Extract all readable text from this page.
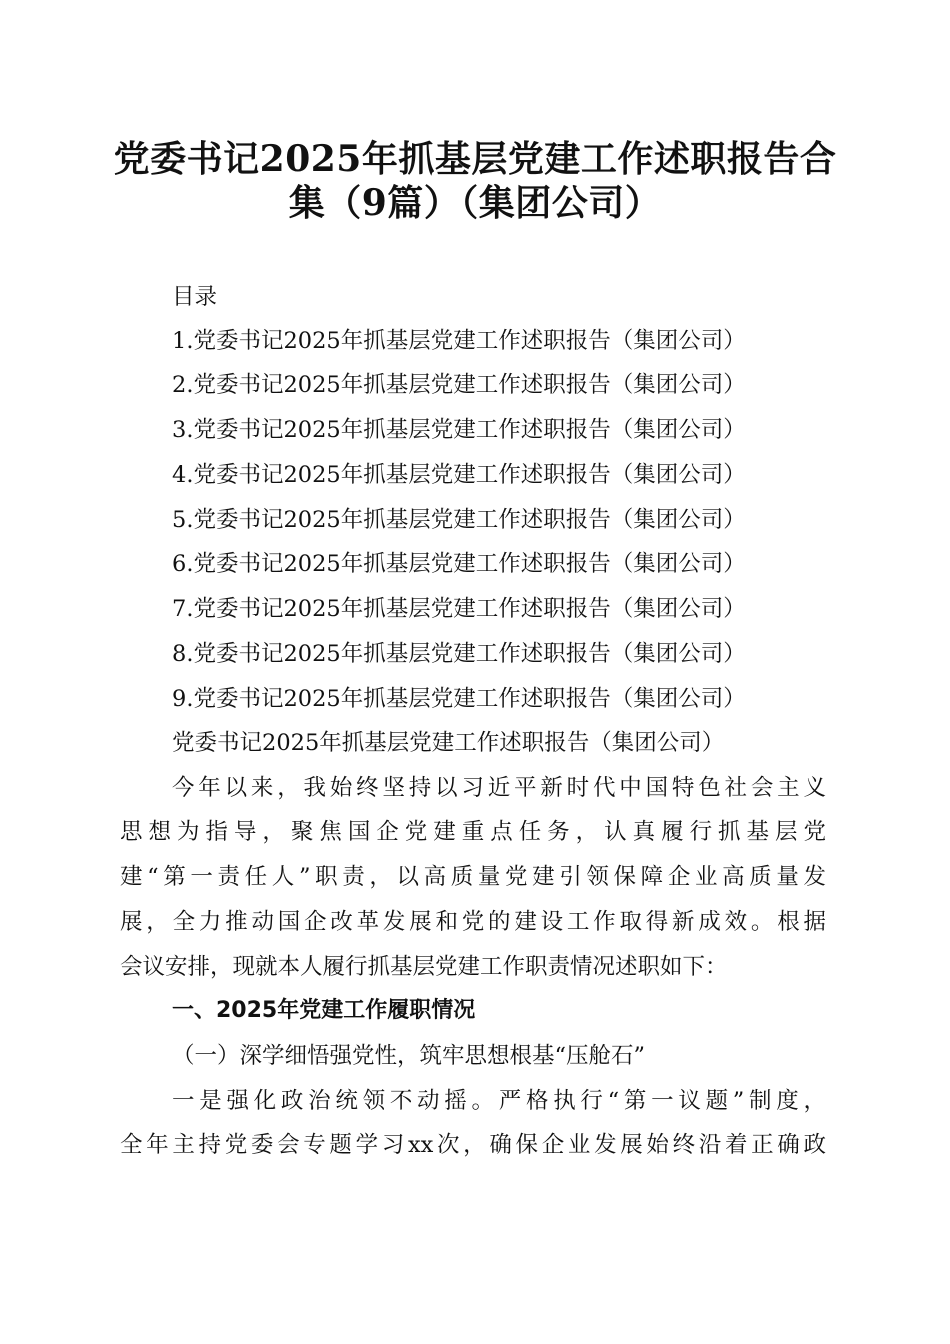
党委书记2025年抓基层党建工作述职报告合
集（9篇）（集团公司）
目录
1.党委书记2025年抓基层党建工作述职报告（集团公司）
2.党委书记2025年抓基层党建工作述职报告（集团公司）
3.党委书记2025年抓基层党建工作述职报告（集团公司）
4.党委书记2025年抓基层党建工作述职报告（集团公司）
5.党委书记2025年抓基层党建工作述职报告（集团公司）
6.党委书记2025年抓基层党建工作述职报告（集团公司）
7.党委书记2025年抓基层党建工作述职报告（集团公司）
8.党委书记2025年抓基层党建工作述职报告（集团公司）
9.党委书记2025年抓基层党建工作述职报告（集团公司）
党委书记2025年抓基层党建工作述职报告（集团公司）
今年以来，我始终坚持以习近平新时代中国特色社会主义
思想为指导，聚焦国企党建重点任务，认真履行抓基层党
建“第一责任人”职责，以高质量党建引领保障企业高质量发
展，全力推动国企改革发展和党的建设工作取得新成效。根据
会议安排，现就本人履行抓基层党建工作职责情况述职如下：
一、2025年党建工作履职情况
（一）深学细悟强党性，筑牢思想根基“压舱石”
一是强化政治统领不动摇。严格执行“第一议题”制度，
全年主持党委会专题学习xx次，确保企业发展始终沿着正确政
